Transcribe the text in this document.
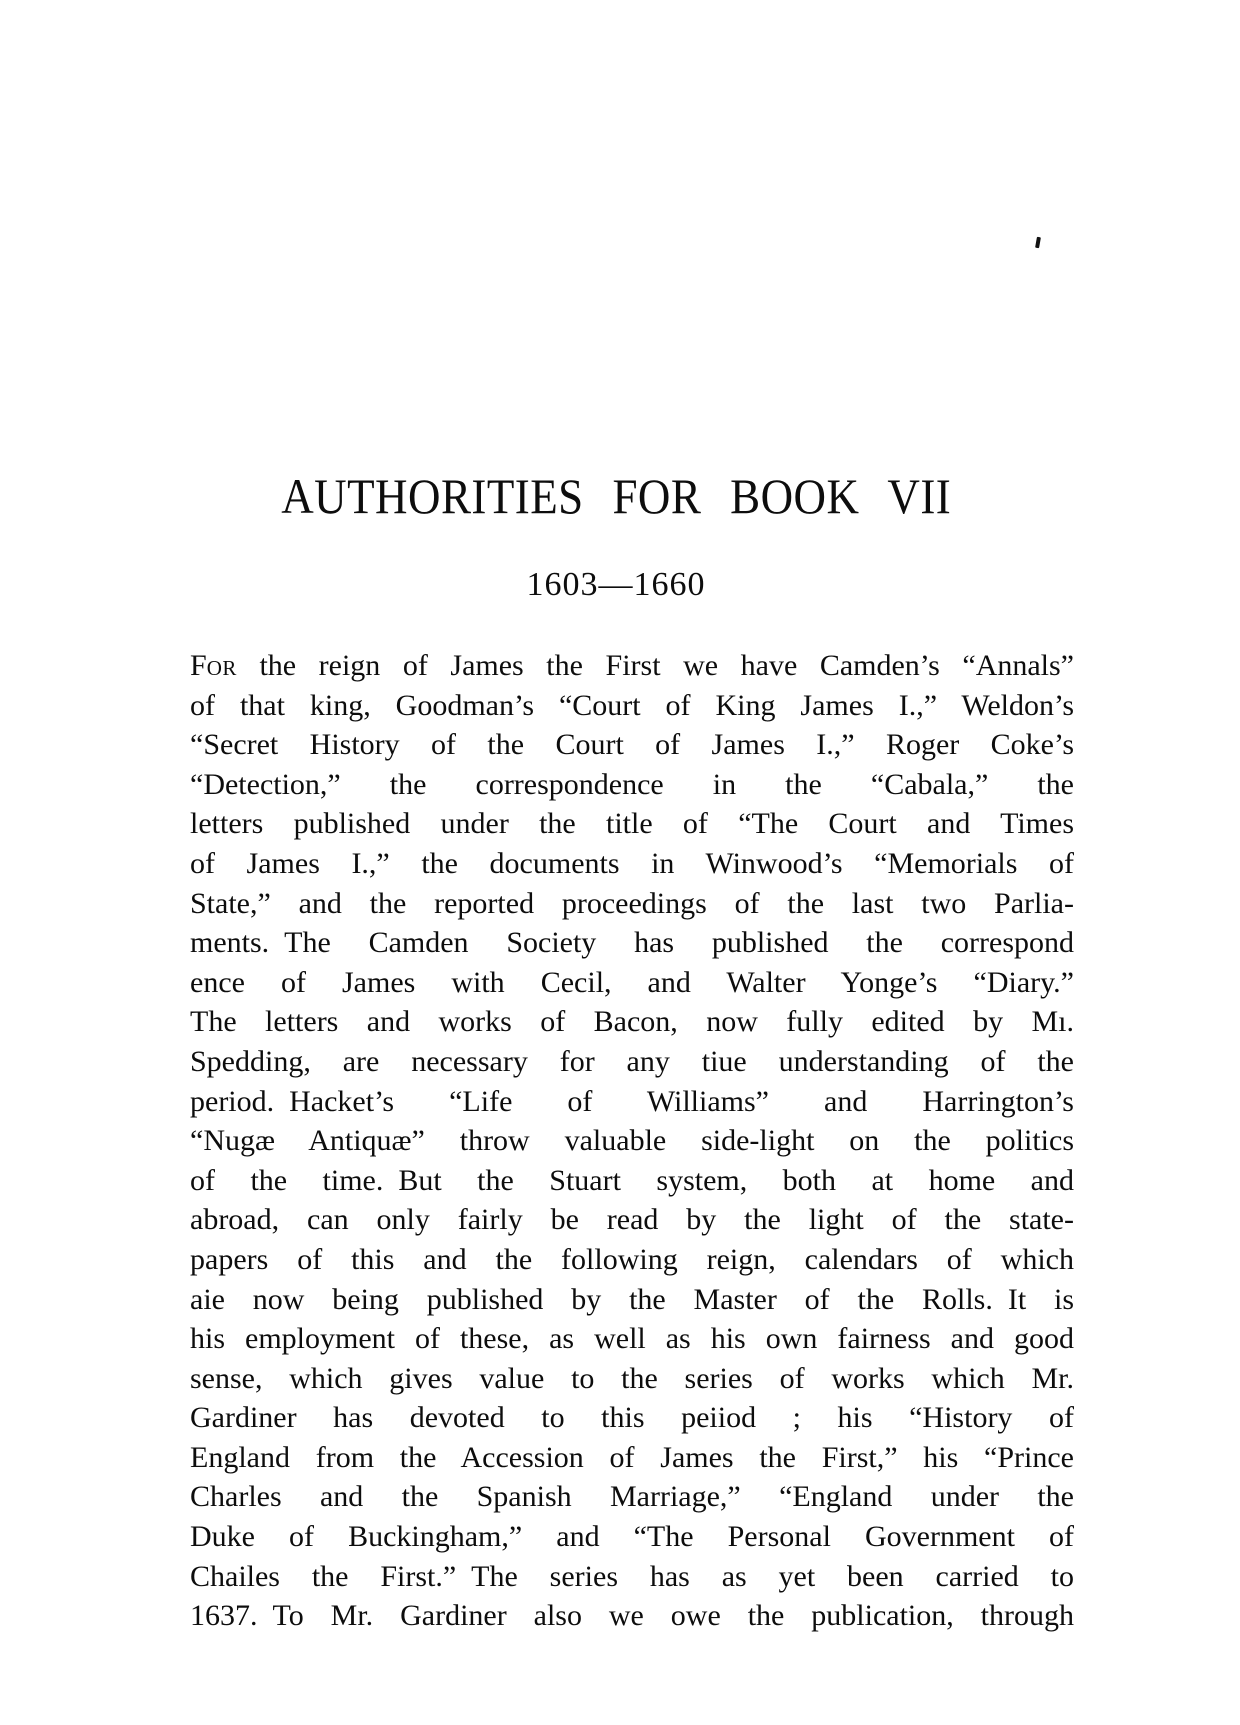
AUTHORITIES FOR BOOK VII
1603—1660
For the reign of James the First we have Camden’s “Annals”
of that king, Goodman’s “Court of King James I.,” Weldon’s
“Secret History of the Court of James I.,” Roger Coke’s
“Detection,” the correspondence in the “Cabala,” the
letters published under the title of “The Court and Times
of James I.,” the documents in Winwood’s “Memorials of
State,” and the reported proceedings of the last two Parlia-
ments. The Camden Society has published the correspond
ence of James with Cecil, and Walter Yonge’s “Diary.”
The letters and works of Bacon, now fully edited by Mı.
Spedding, are necessary for any tiue understanding of the
period. Hacket’s “Life of Williams” and Harrington’s
“Nugæ Antiquæ” throw valuable side-light on the politics
of the time. But the Stuart system, both at home and
abroad, can only fairly be read by the light of the state-
papers of this and the following reign, calendars of which
aie now being published by the Master of the Rolls. It is
his employment of these, as well as his own fairness and good
sense, which gives value to the series of works which Mr.
Gardiner has devoted to this peiiod ; his “History of
England from the Accession of James the First,” his “Prince
Charles and the Spanish Marriage,” “England under the
Duke of Buckingham,” and “The Personal Government of
Chailes the First.” The series has as yet been carried to
1637. To Mr. Gardiner also we owe the publication, through
